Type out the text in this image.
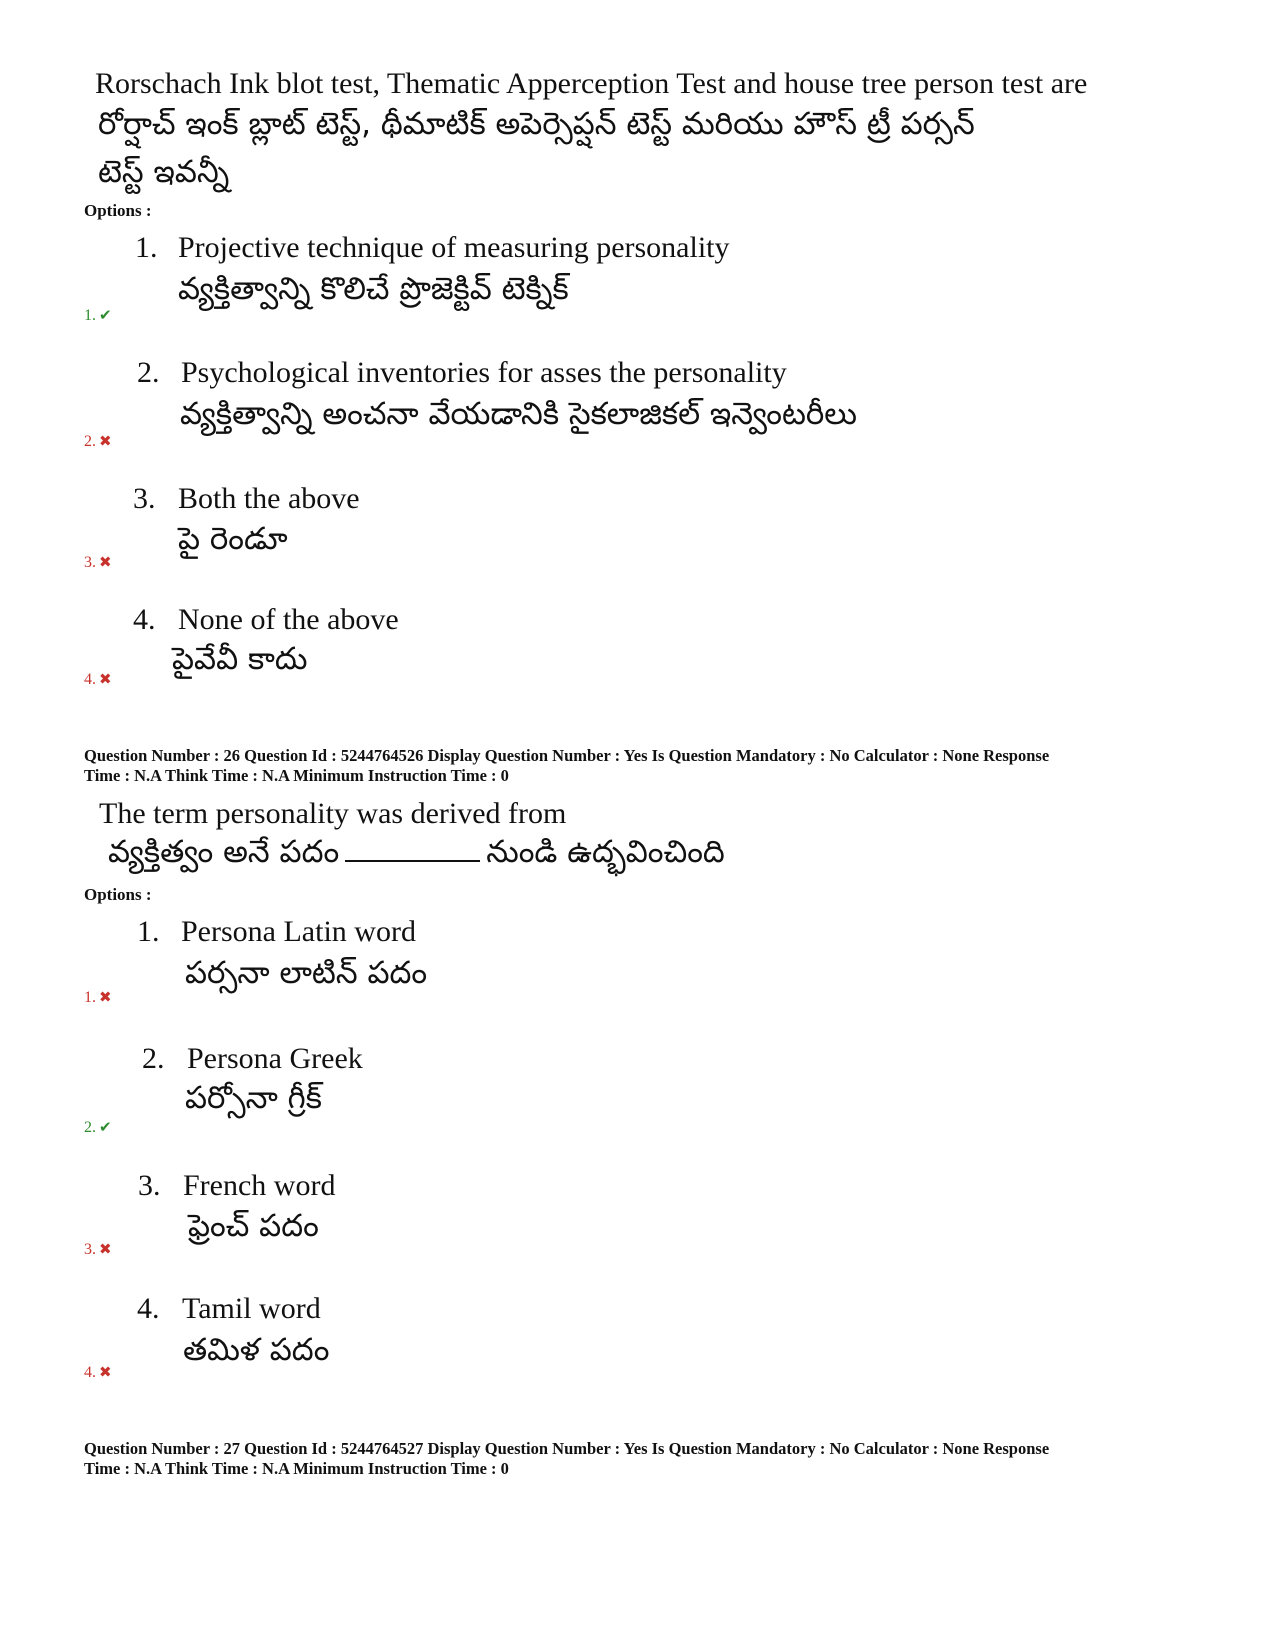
Rorschach Ink blot test, Thematic Apperception Test and house tree person test are
రోర్షాచ్ ఇంక్ బ్లాట్ టెస్ట్, థీమాటిక్ అపెర్సెప్షన్ టెస్ట్ మరియు హౌస్ ట్రీ పర్సన్
టెస్ట్ ఇవన్నీ
Options :
1. Projective technique of measuring personality
వ్యక్తిత్వాన్ని కొలిచే ప్రొజెక్టివ్ టెక్నిక్
1. ✔
2. Psychological inventories for asses the personality
వ్యక్తిత్వాన్ని అంచనా వేయడానికి సైకలాజికల్ ఇన్వెంటరీలు
2. ✖
3. Both the above
పై రెండూ
3. ✖
4. None of the above
పైవేవీ కాదు
4. ✖
Question Number : 26 Question Id : 5244764526 Display Question Number : Yes Is Question Mandatory : No Calculator : None Response
Time : N.A Think Time : N.A Minimum Instruction Time : 0
The term personality was derived from
వ్యక్తిత్వం అనే పదం	నుండి ఉద్భవించింది
Options :
1. Persona Latin word
పర్సనా లాటిన్ పదం
1. ✖
2. Persona Greek
పర్సోనా గ్రీక్
2. ✔
3. French word
ఫ్రెంచ్ పదం
3. ✖
4. Tamil word
తమిళ పదం
4. ✖
Question Number : 27 Question Id : 5244764527 Display Question Number : Yes Is Question Mandatory : No Calculator : None Response
Time : N.A Think Time : N.A Minimum Instruction Time : 0
